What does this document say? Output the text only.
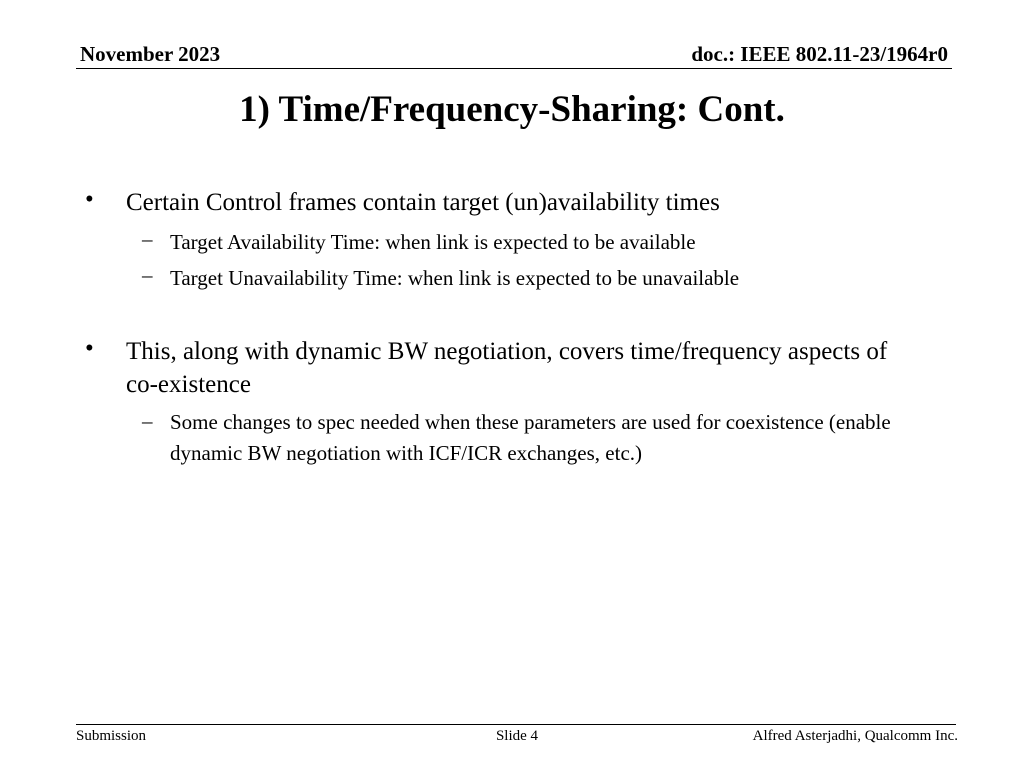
November 2023	doc.: IEEE 802.11-23/1964r0
1) Time/Frequency-Sharing: Cont.
• Certain Control frames contain target (un)availability times
– Target Availability Time: when link is expected to be available
– Target Unavailability Time: when link is expected to be unavailable
• This, along with dynamic BW negotiation, covers time/frequency aspects of co-existence
– Some changes to spec needed when these parameters are used for coexistence (enable dynamic BW negotiation with ICF/ICR exchanges, etc.)
Submission	Slide 4	Alfred Asterjadhi, Qualcomm Inc.
